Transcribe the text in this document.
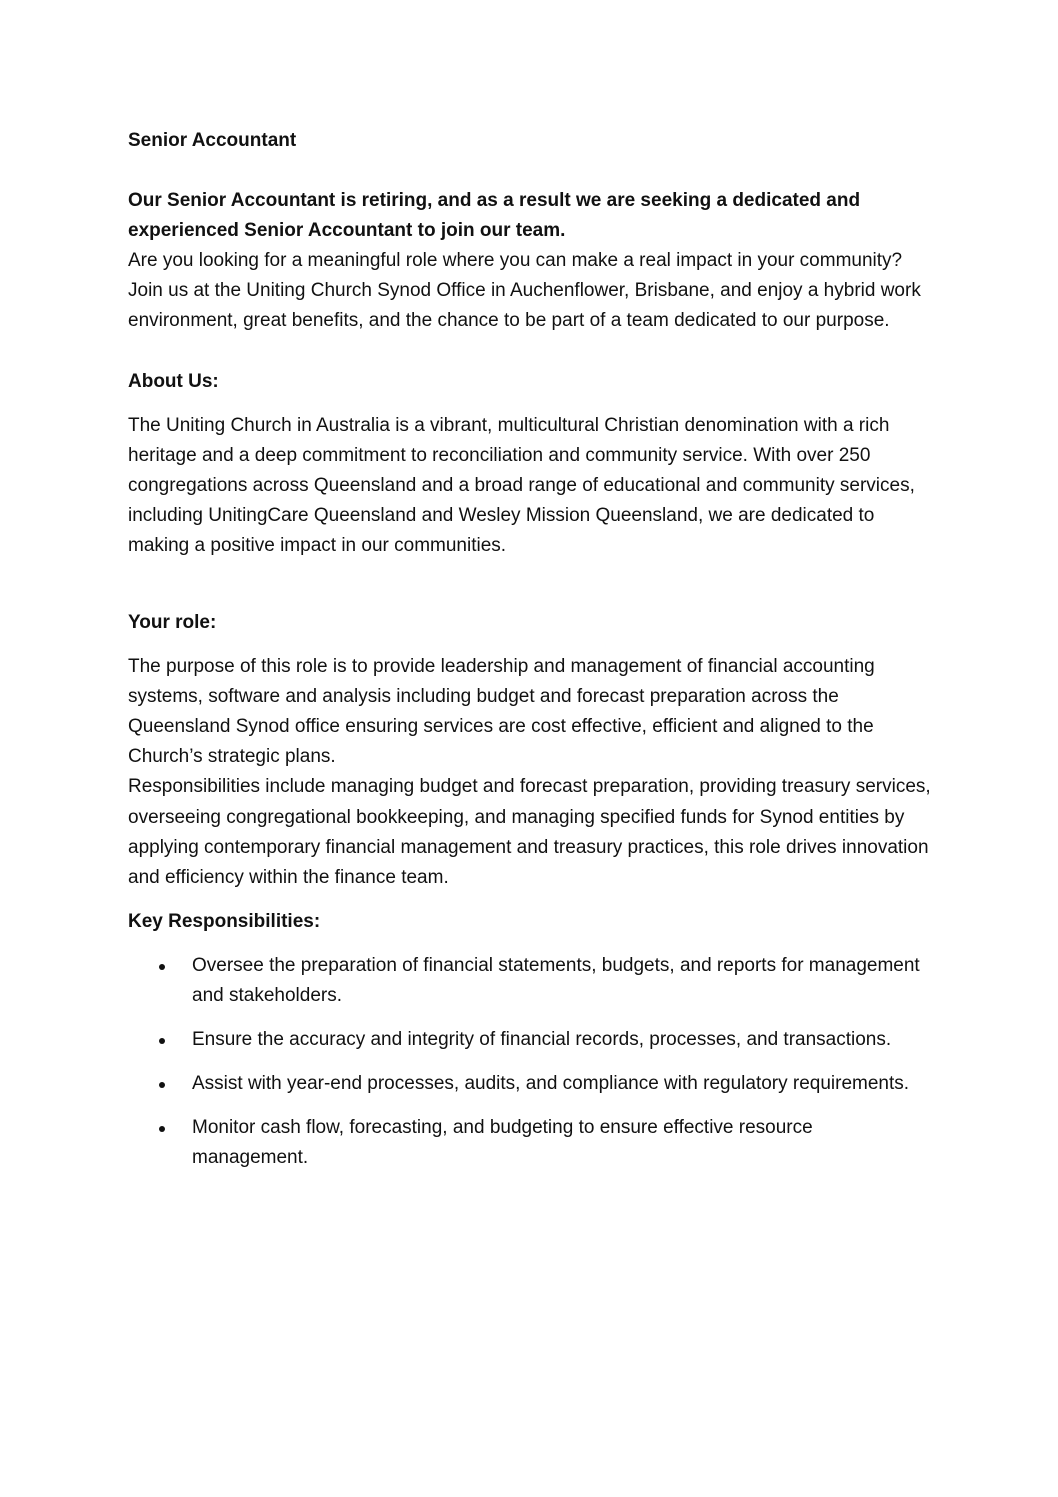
Senior Accountant

Our Senior Accountant is retiring, and as a result we are seeking a dedicated and experienced Senior Accountant to join our team.

Are you looking for a meaningful role where you can make a real impact in your community? Join us at the Uniting Church Synod Office in Auchenflower, Brisbane, and enjoy a hybrid work environment, great benefits, and the chance to be part of a team dedicated to our purpose.

About Us:

The Uniting Church in Australia is a vibrant, multicultural Christian denomination with a rich heritage and a deep commitment to reconciliation and community service. With over 250 congregations across Queensland and a broad range of educational and community services, including UnitingCare Queensland and Wesley Mission Queensland, we are dedicated to making a positive impact in our communities.

Your role:

The purpose of this role is to provide leadership and management of financial accounting systems, software and analysis including budget and forecast preparation across the Queensland Synod office ensuring services are cost effective, efficient and aligned to the Church’s strategic plans.

Responsibilities include managing budget and forecast preparation, providing treasury services, overseeing congregational bookkeeping, and managing specified funds for Synod entities by applying contemporary financial management and treasury practices, this role drives innovation and efficiency within the finance team.

Key Responsibilities:
Oversee the preparation of financial statements, budgets, and reports for management and stakeholders.
Ensure the accuracy and integrity of financial records, processes, and transactions.
Assist with year-end processes, audits, and compliance with regulatory requirements.
Monitor cash flow, forecasting, and budgeting to ensure effective resource management.
